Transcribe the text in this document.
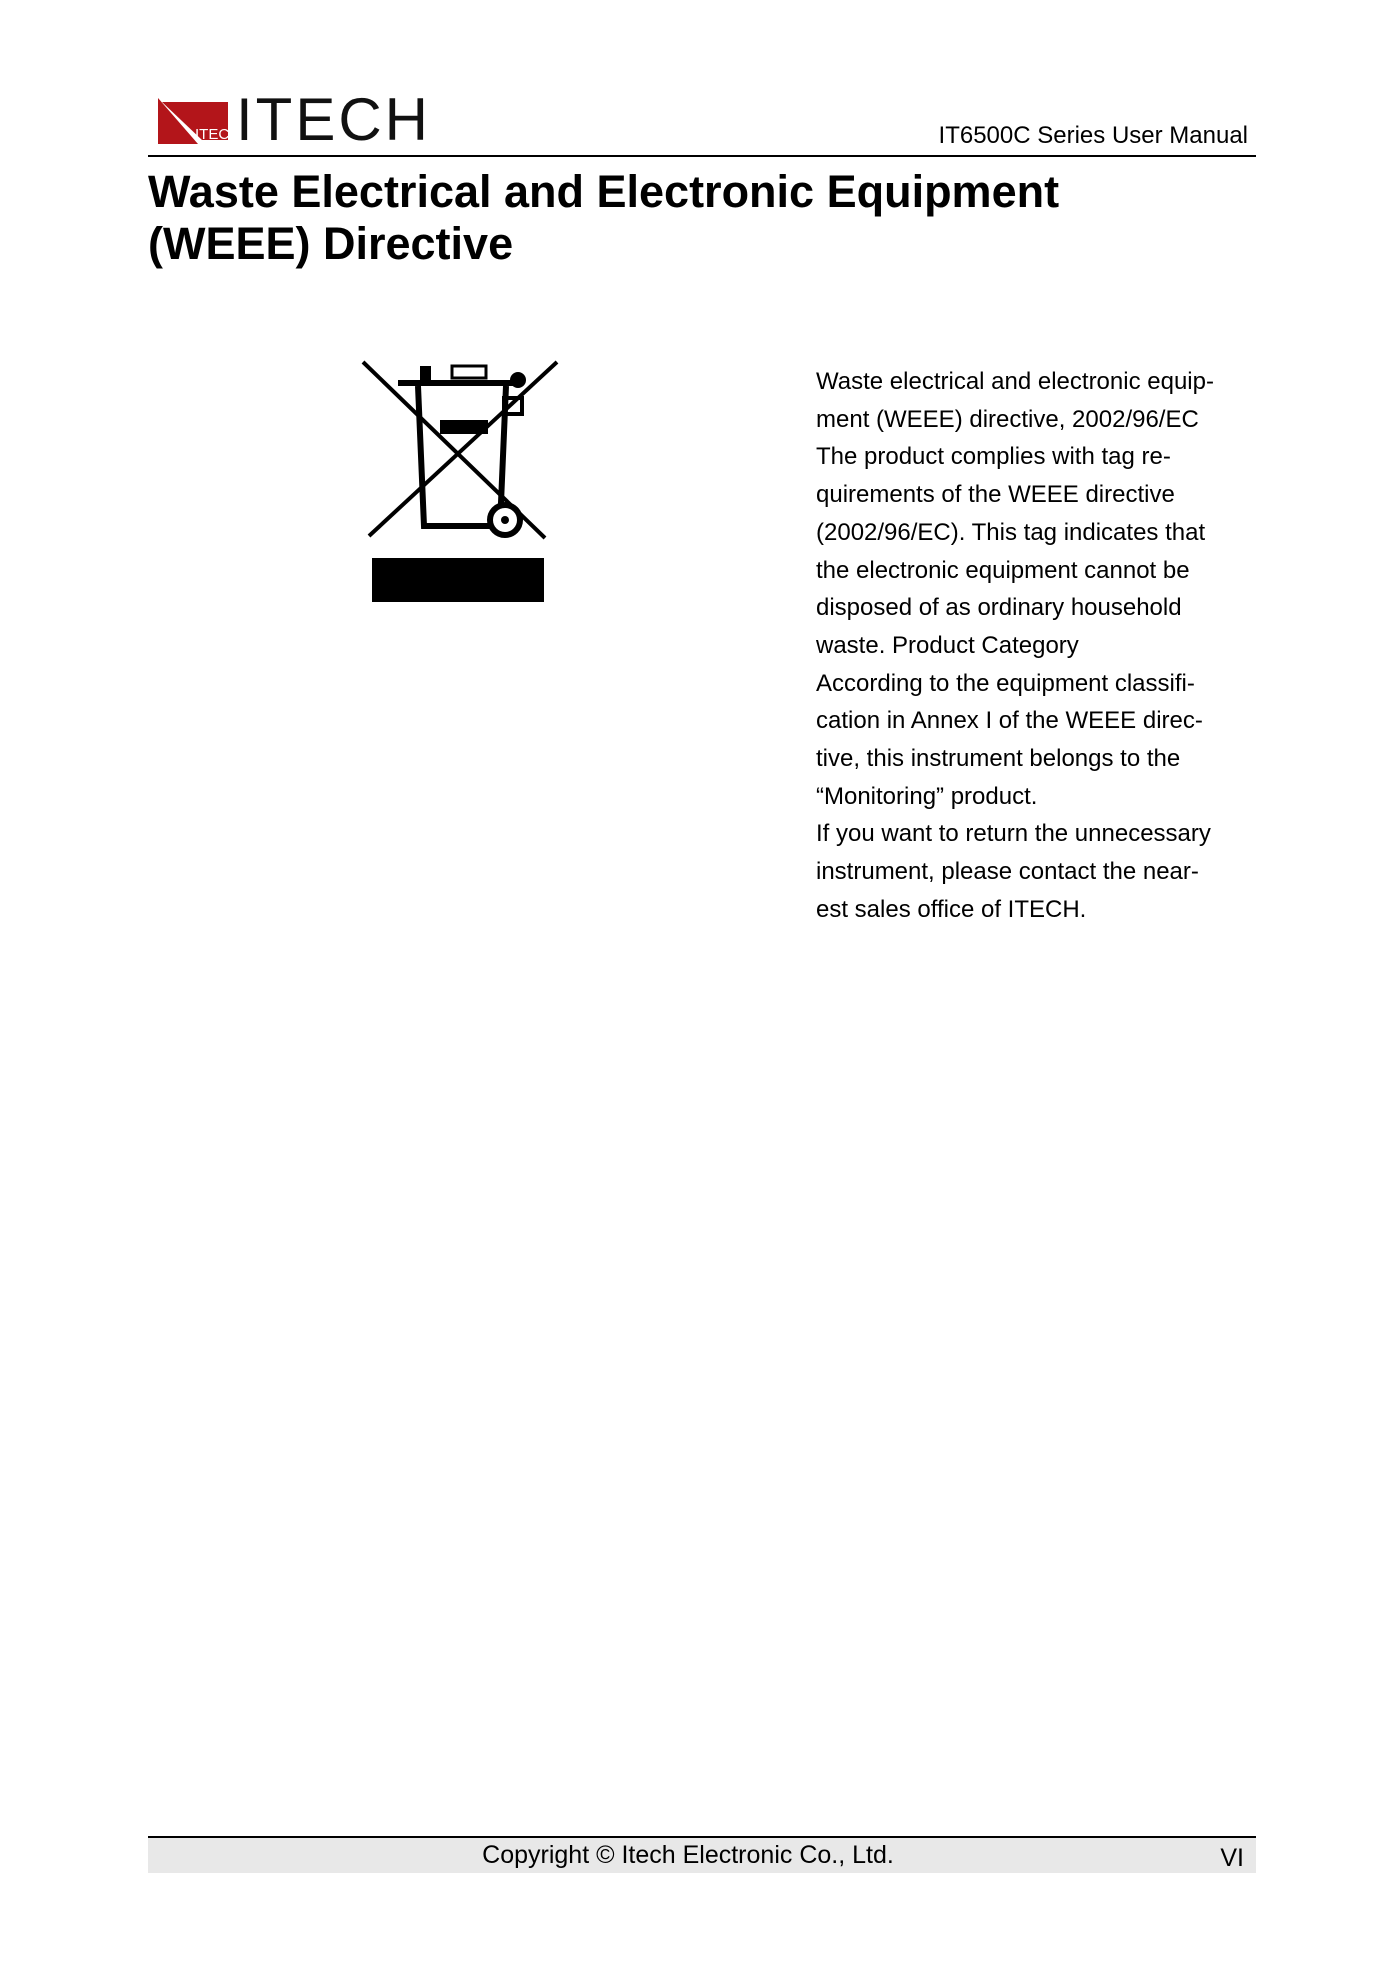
ITECH
ITECH	IT6500C Series User Manual
Waste Electrical and Electronic Equipment
(WEEE) Directive
Waste electrical and electronic equip-
ment (WEEE) directive, 2002/96/EC
The product complies with tag re-
quirements of the WEEE directive
(2002/96/EC). This tag indicates that
the electronic equipment cannot be
disposed of as ordinary household
waste. Product Category
According to the equipment classifi-
cation in Annex I of the WEEE direc-
tive, this instrument belongs to the
“Monitoring” product.
If you want to return the unnecessary
instrument, please contact the near-
est sales office of ITECH.
Copyright © Itech Electronic Co., Ltd.	VI
